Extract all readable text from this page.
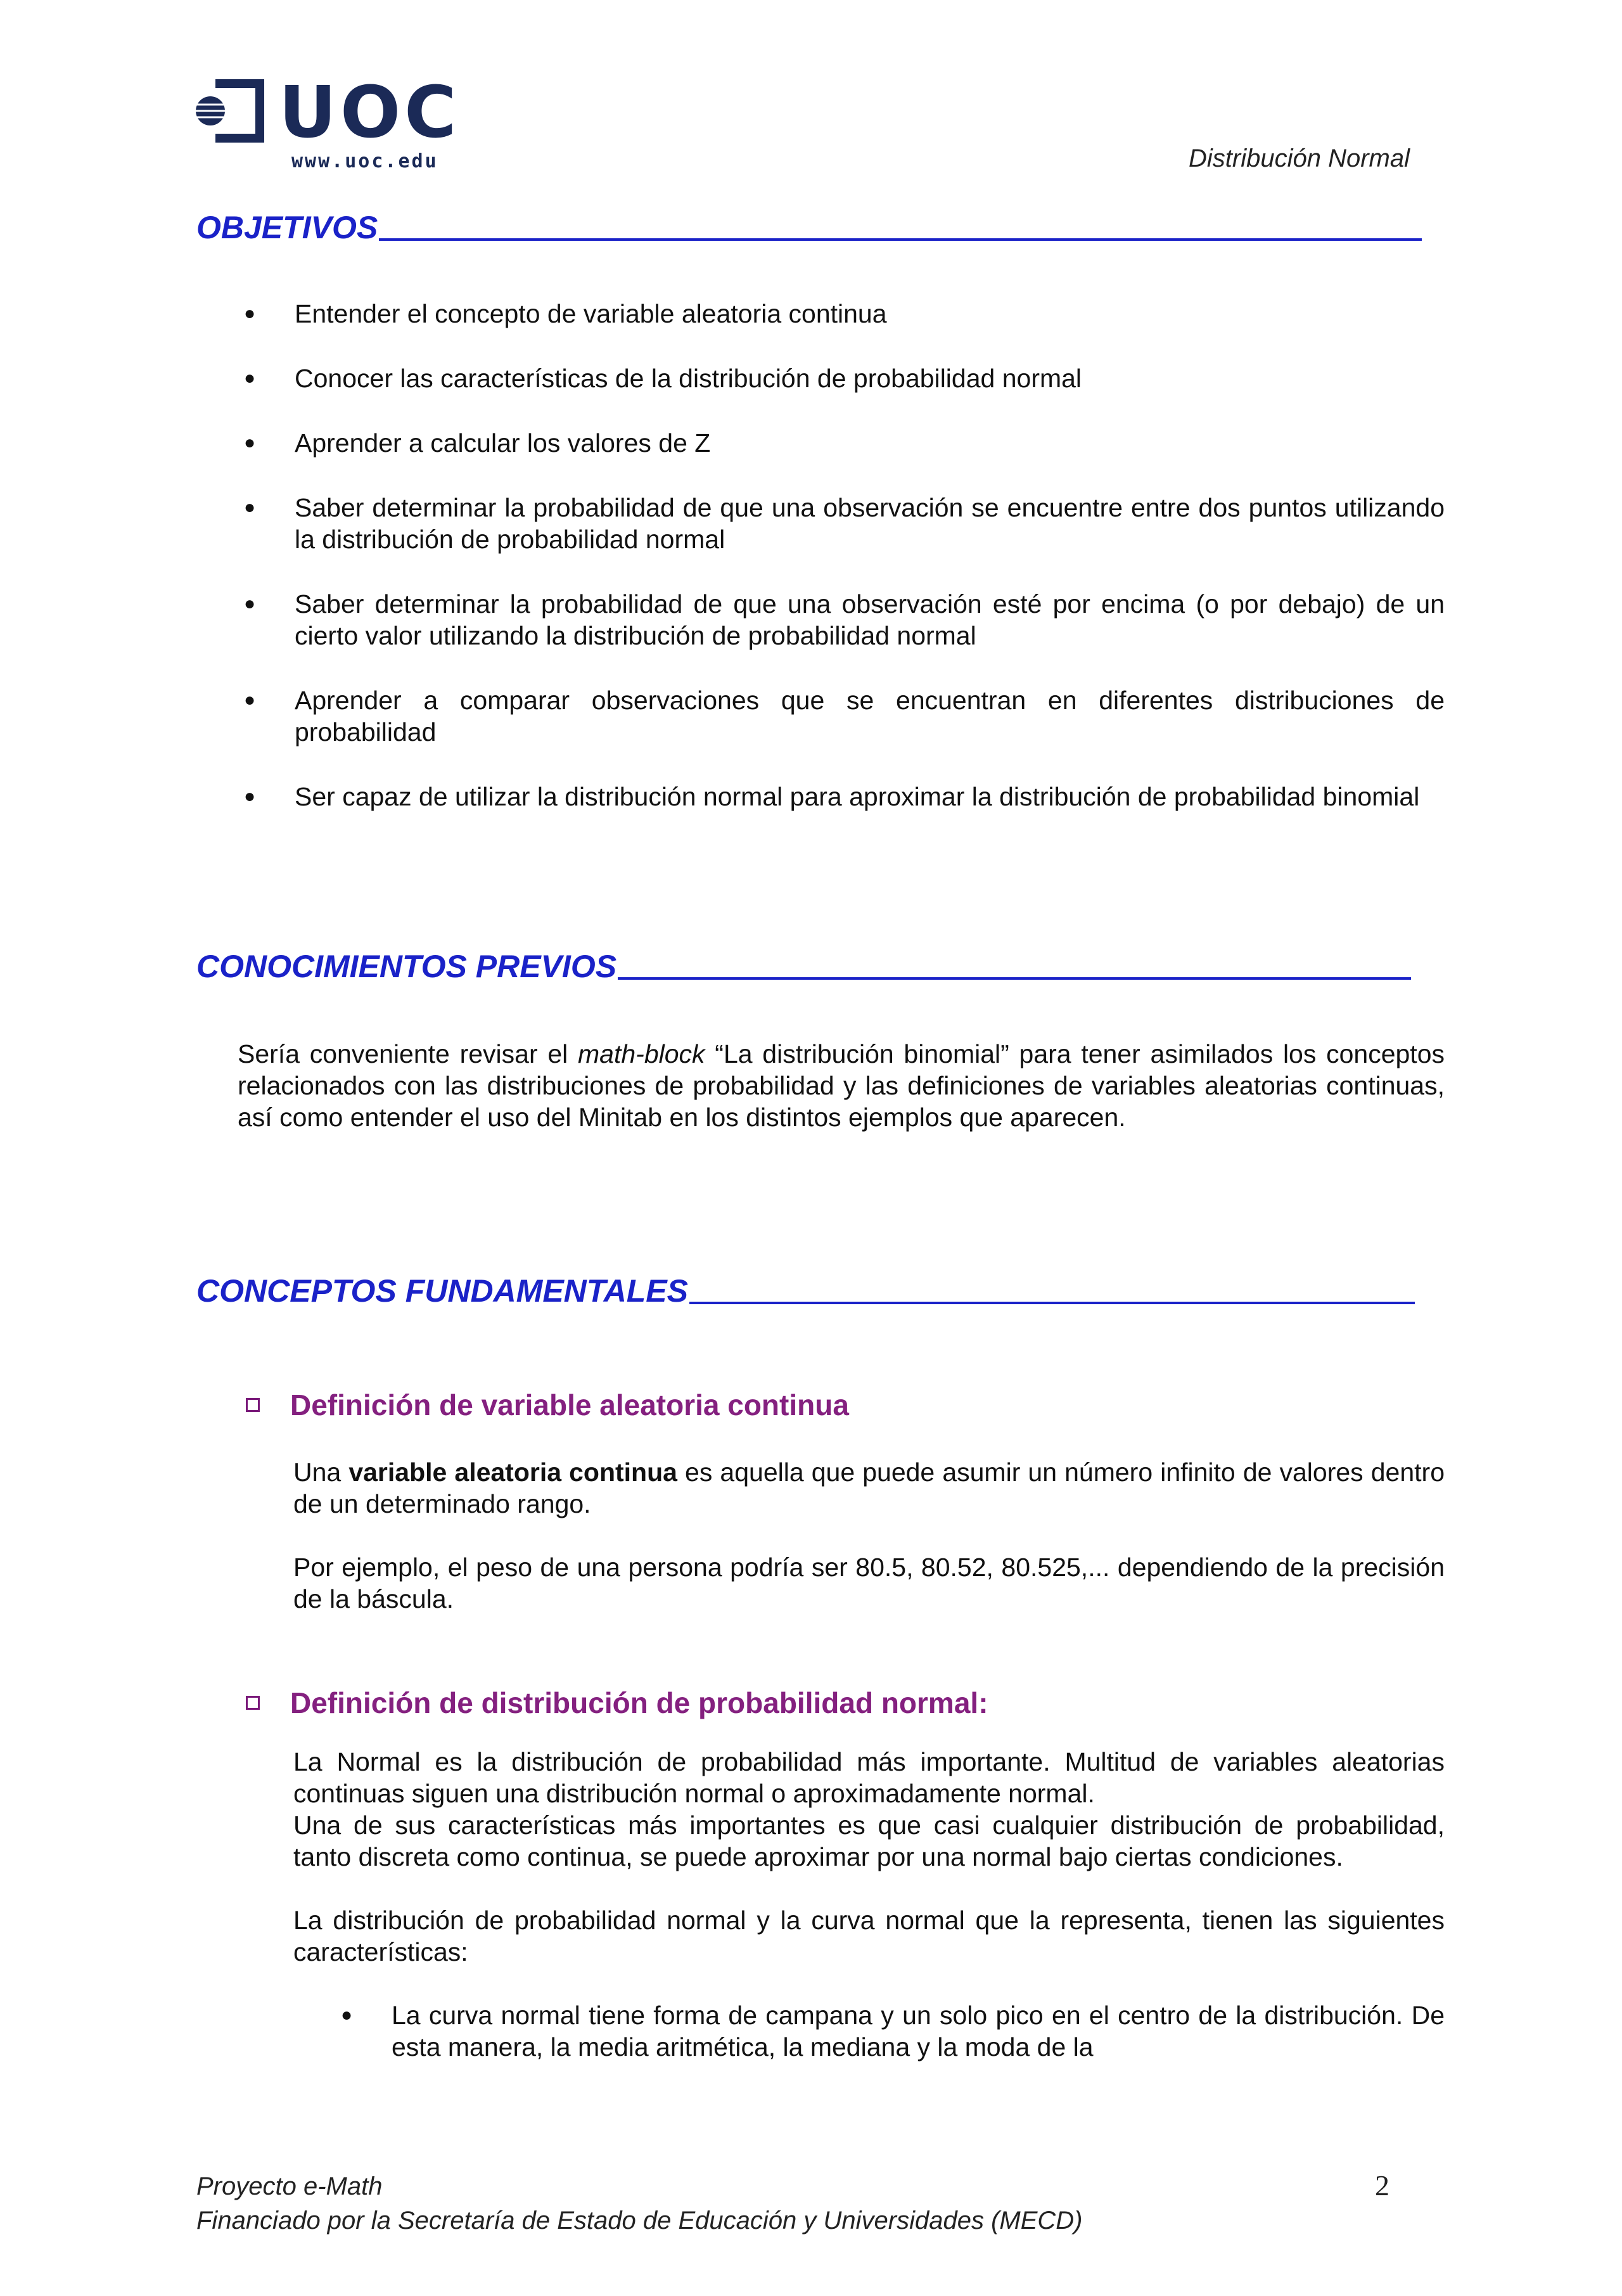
UOC
www.uoc.edu	Distribución Normal
OBJETIVOS
●	Entender el concepto de variable aleatoria continua
●	Conocer las características de la distribución de probabilidad normal
●	Aprender a calcular los valores de Z
●	Saber determinar la probabilidad de que una observación se encuentre entre dos puntos utilizando la distribución de probabilidad normal
●	Saber determinar la probabilidad de que una observación esté por encima (o por debajo) de un cierto valor utilizando la distribución de probabilidad normal
●	Aprender a comparar observaciones que se encuentran en diferentes distribuciones de probabilidad
●	Ser capaz de utilizar la distribución normal para aproximar la distribución de probabilidad binomial
CONOCIMIENTOS PREVIOS
Sería conveniente revisar el math-block “La distribución binomial” para tener asimilados los conceptos relacionados con las distribuciones de probabilidad y las definiciones de variables aleatorias continuas, así como entender el uso del Minitab en los distintos ejemplos que aparecen.
CONCEPTOS FUNDAMENTALES
Definición de variable aleatoria continua
Una variable aleatoria continua es aquella que puede asumir un número infinito de valores dentro de un determinado rango.
Por ejemplo, el peso de una persona podría ser 80.5, 80.52, 80.525,... dependiendo de la precisión de la báscula.
Definición de distribución de probabilidad normal:
La Normal es la distribución de probabilidad más importante. Multitud de variables aleatorias continuas siguen una distribución normal o aproximadamente normal.
Una de sus características más importantes es que casi cualquier distribución de probabilidad, tanto discreta como continua, se puede aproximar por una normal bajo ciertas condiciones.
La distribución de probabilidad normal y la curva normal que la representa, tienen las siguientes características:
●	La curva normal tiene forma de campana y un solo pico en el centro de la distribución. De esta manera, la media aritmética, la mediana y la moda de la
Proyecto e-Math
Financiado por la Secretaría de Estado de Educación y Universidades (MECD)
2
